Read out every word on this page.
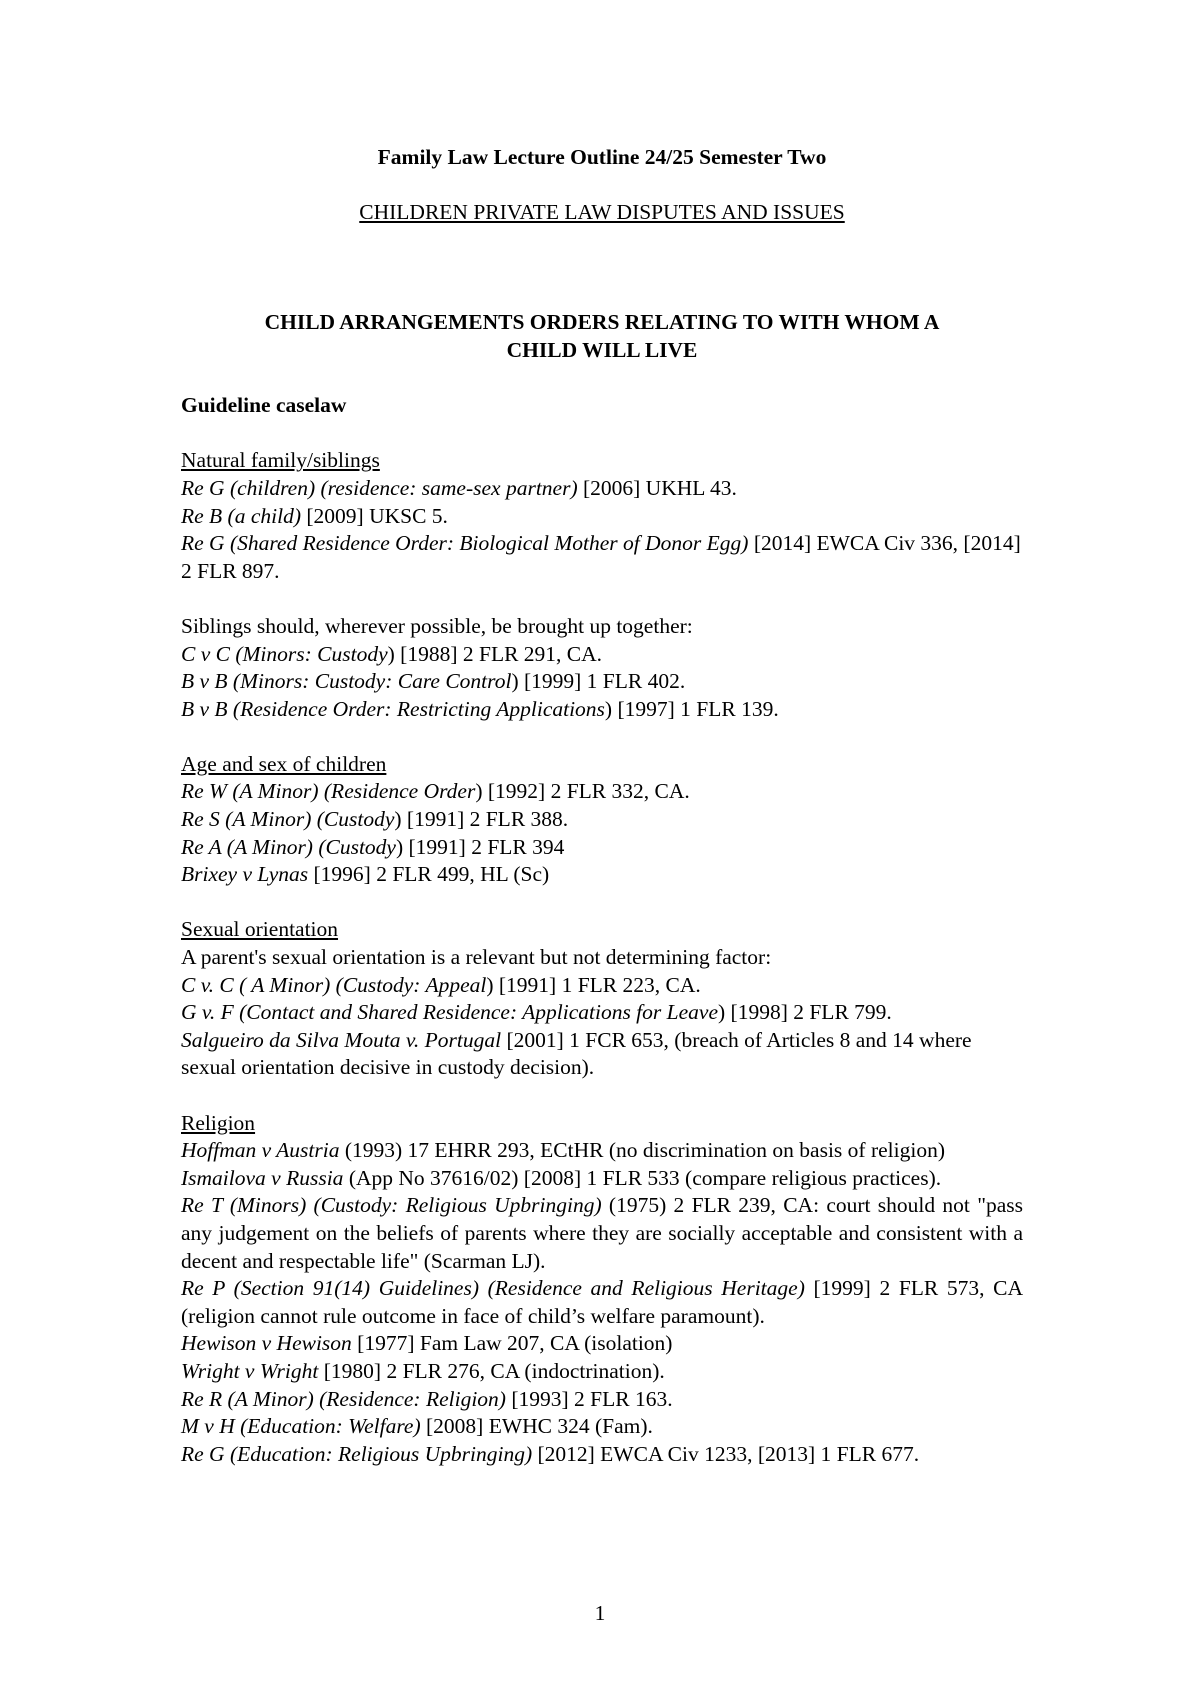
Family Law Lecture Outline 24/25 Semester Two

CHILDREN PRIVATE LAW DISPUTES AND ISSUES

CHILD ARRANGEMENTS ORDERS RELATING TO WITH WHOM A

CHILD WILL LIVE

Guideline caselaw

Natural family/siblings

Re G (children) (residence: same-sex partner) [2006] UKHL 43.

Re B (a child) [2009] UKSC 5.

Re G (Shared Residence Order: Biological Mother of Donor Egg) [2014] EWCA Civ 336, [2014] 2 FLR 897.

Siblings should, wherever possible, be brought up together:

C v C (Minors: Custody) [1988] 2 FLR 291, CA.

B v B (Minors: Custody: Care Control) [1999] 1 FLR 402.

B v B (Residence Order: Restricting Applications) [1997] 1 FLR 139.

Age and sex of children

Re W (A Minor) (Residence Order) [1992] 2 FLR 332, CA.

Re S (A Minor) (Custody) [1991] 2 FLR 388.

Re A (A Minor) (Custody) [1991] 2 FLR 394

Brixey v Lynas [1996] 2 FLR 499, HL (Sc)

Sexual orientation

A parent's sexual orientation is a relevant but not determining factor:

C v. C ( A Minor) (Custody: Appeal) [1991] 1 FLR 223, CA.

G v. F (Contact and Shared Residence: Applications for Leave) [1998] 2 FLR 799.

Salgueiro da Silva Mouta v. Portugal [2001] 1 FCR 653, (breach of Articles 8 and 14 where sexual orientation decisive in custody decision).

Religion

Hoffman v Austria (1993) 17 EHRR 293, ECtHR (no discrimination on basis of religion)

Ismailova v Russia (App No 37616/02) [2008] 1 FLR 533 (compare religious practices).

Re T (Minors) (Custody: Religious Upbringing) (1975) 2 FLR 239, CA: court should not "pass any judgement on the beliefs of parents where they are socially acceptable and consistent with a decent and respectable life" (Scarman LJ).

Re P (Section 91(14) Guidelines) (Residence and Religious Heritage) [1999] 2 FLR 573, CA (religion cannot rule outcome in face of child’s welfare paramount).

Hewison v Hewison [1977] Fam Law 207, CA (isolation)

Wright v Wright [1980] 2 FLR 276, CA (indoctrination).

Re R (A Minor) (Residence: Religion) [1993] 2 FLR 163.

M v H (Education: Welfare) [2008] EWHC 324 (Fam).

Re G (Education: Religious Upbringing) [2012] EWCA Civ 1233, [2013] 1 FLR 677.

1
